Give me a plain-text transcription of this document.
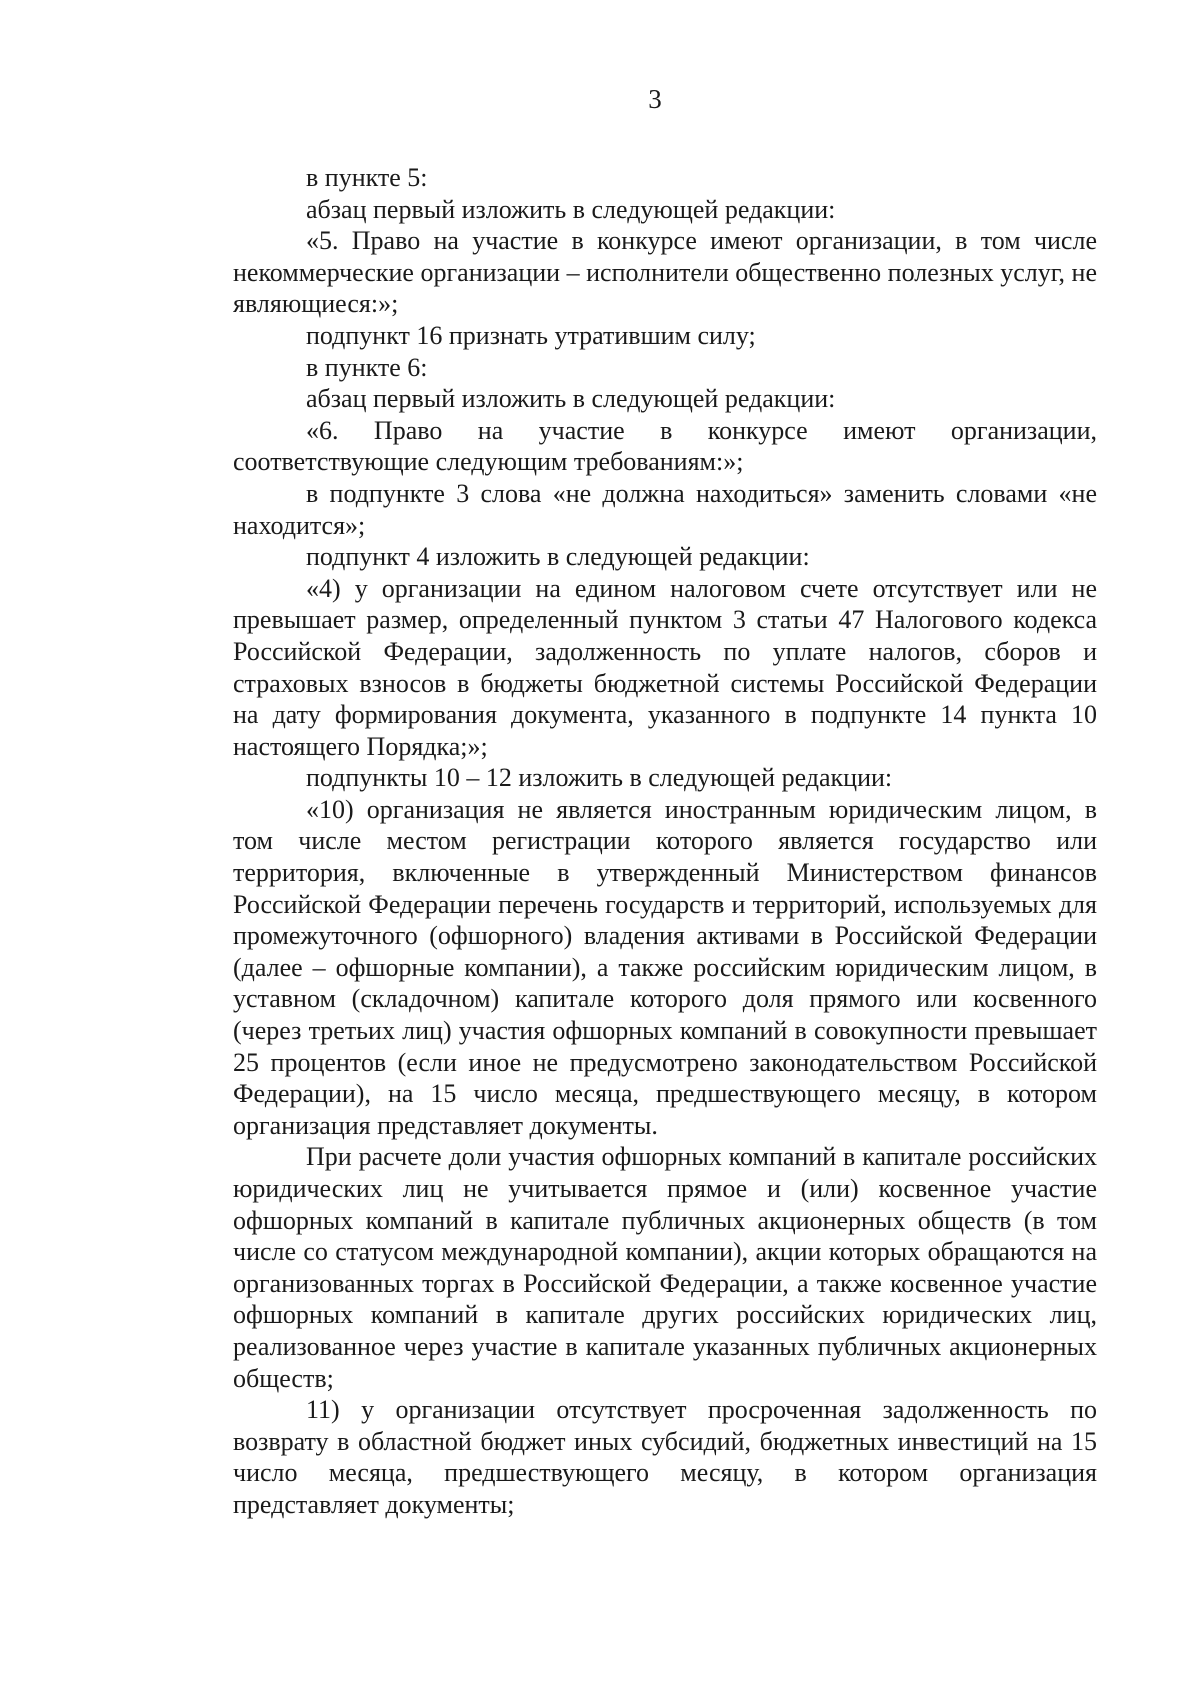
3

в пункте 5:

абзац первый изложить в следующей редакции:

«5. Право на участие в конкурсе имеют организации, в том числе некоммерческие организации – исполнители общественно полезных услуг, не являющиеся:»;

подпункт 16 признать утратившим силу;

в пункте 6:

абзац первый изложить в следующей редакции:

«6. Право на участие в конкурсе имеют организации, соответствующие следующим требованиям:»;

в подпункте 3 слова «не должна находиться» заменить словами «не находится»;

подпункт 4 изложить в следующей редакции:

«4) у организации на едином налоговом счете отсутствует или не превышает размер, определенный пунктом 3 статьи 47 Налогового кодекса Российской Федерации, задолженность по уплате налогов, сборов и страховых взносов в бюджеты бюджетной системы Российской Федерации на дату формирования документа, указанного в подпункте 14 пункта 10 настоящего Порядка;»;

подпункты 10 – 12 изложить в следующей редакции:

«10) организация не является иностранным юридическим лицом, в том числе местом регистрации которого является государство или территория, включенные в утвержденный Министерством финансов Российской Федерации перечень государств и территорий, используемых для промежуточного (офшорного) владения активами в Российской Федерации (далее – офшорные компании), а также российским юридическим лицом, в уставном (складочном) капитале которого доля прямого или косвенного (через третьих лиц) участия офшорных компаний в совокупности превышает 25 процентов (если иное не предусмотрено законодательством Российской Федерации), на 15 число месяца, предшествующего месяцу, в котором организация представляет документы.

При расчете доли участия офшорных компаний в капитале российских юридических лиц не учитывается прямое и (или) косвенное участие офшорных компаний в капитале публичных акционерных обществ (в том числе со статусом международной компании), акции которых обращаются на организованных торгах в Российской Федерации, а также косвенное участие офшорных компаний в капитале других российских юридических лиц, реализованное через участие в капитале указанных публичных акционерных обществ;

11) у организации отсутствует просроченная задолженность по возврату в областной бюджет иных субсидий, бюджетных инвестиций на 15 число месяца, предшествующего месяцу, в котором организация представляет документы;
